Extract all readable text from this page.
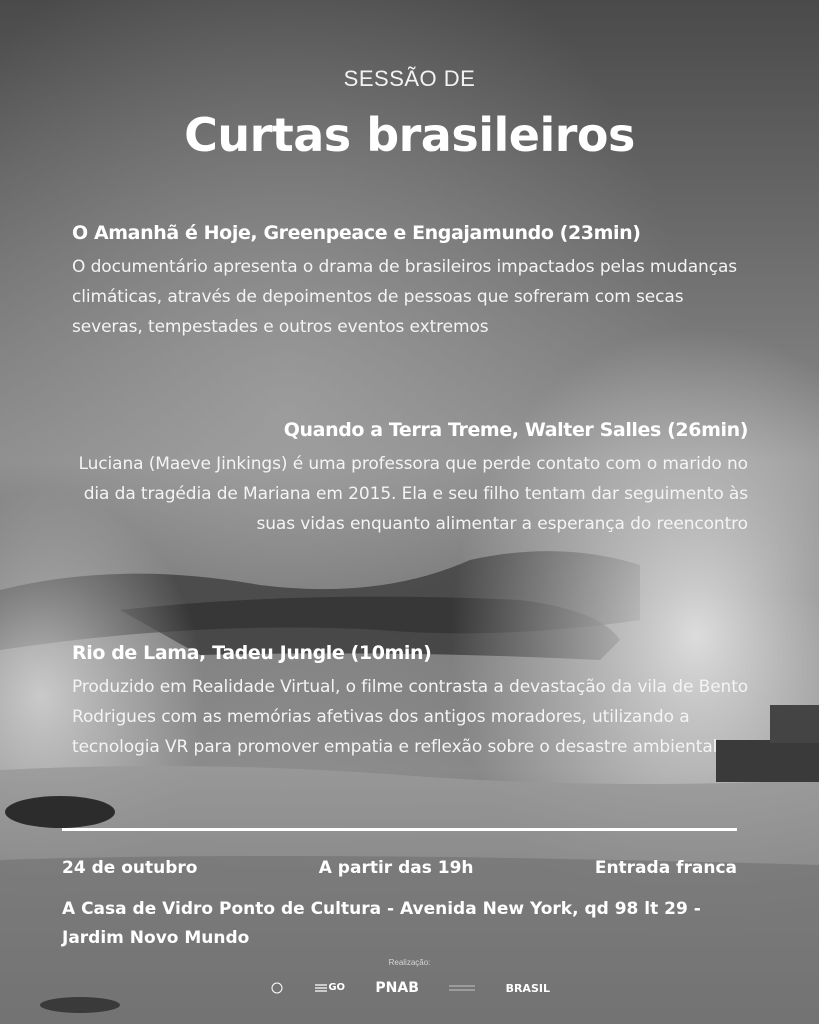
SESSÃO DE
Curtas brasileiros
O Amanhã é Hoje, Greenpeace e Engajamundo (23min)

O documentário apresenta o drama de brasileiros impactados pelas mudanças climáticas, através de depoimentos de pessoas que sofreram com secas severas, tempestades e outros eventos extremos

Quando a Terra Treme, Walter Salles (26min)

Luciana (Maeve Jinkings) é uma professora que perde contato com o marido no dia da tragédia de Mariana em 2015. Ela e seu filho tentam dar seguimento às suas vidas enquanto alimentar a esperança do reencontro

Rio de Lama, Tadeu Jungle (10min)

Produzido em Realidade Virtual, o filme contrasta a devastação da vila de Bento Rodrigues com as memórias afetivas dos antigos moradores, utilizando a tecnologia VR para promover empatia e reflexão sobre o desastre ambiental

24 de outubro	A partir das 19h	Entrada franca
A Casa de Vidro Ponto de Cultura - Avenida New York, qd 98 lt 29 - Jardim Novo Mundo
Realização:
GO PNAB	BRASIL
